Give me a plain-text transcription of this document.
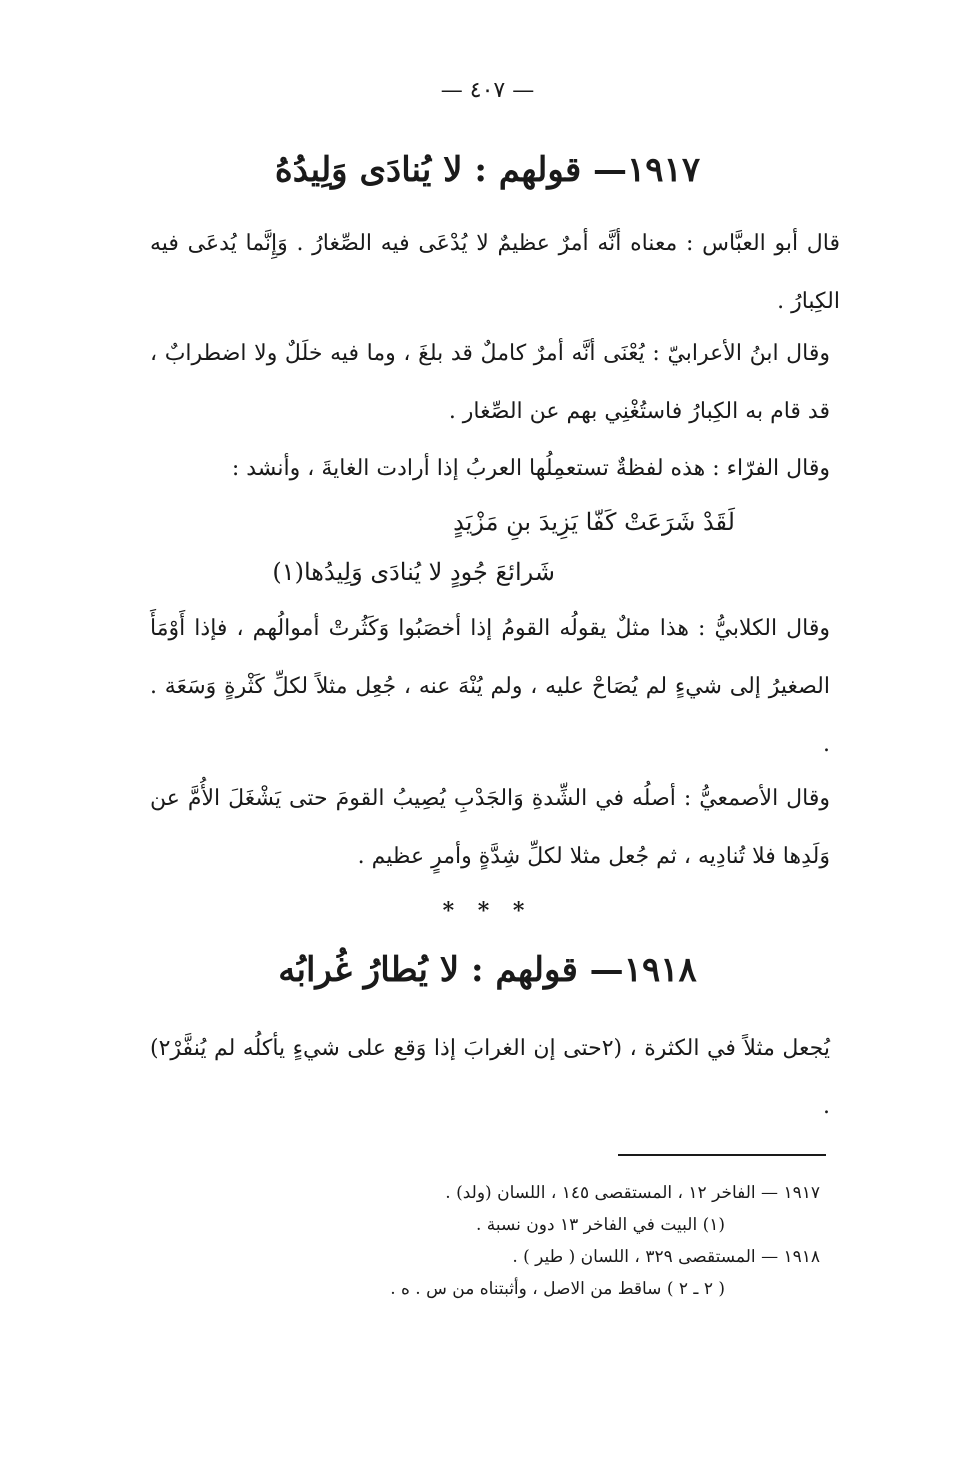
— ٤٠٧ —
١٩١٧— قولهم : لا يُنادَى وَلِيدُهُ
قال أبو العبَّاس : معناه أنَّه أمرٌ عظيمٌ لا يُدْعَى فيه الصِّغارُ . وَإِنَّما يُدعَى فيه الكِبارُ .
وقال ابنُ الأعرابيّ : يُعْنَى أنَّه أمرٌ كاملٌ قد بلغَ ، وما فيه خلَلٌ ولا اضطرابٌ ، قد قام به الكِبارُ فاستُغْنِي بهم عن الصِّغار .
وقال الفرّاء : هذه لفظةٌ تستعمِلُها العربُ إذا أرادت الغايةَ ، وأنشد :
لَقَدْ شَرَعَتْ كَفّا يَزِيدَ بنِ مَزْيَدٍ
شَرائعَ جُودٍ لا يُنادَى وَلِيدُها(١)
وقال الكلابيُّ : هذا مثلٌ يقولُه القومُ إذا أخصَبُوا وَكَثُرتْ أموالُهم ، فإذا أَوْمَأَ الصغيرُ إلى شيءٍ لم يُصَاحْ عليه ، ولم يُنْهَ عنه ، جُعِل مثلاً لكلِّ كَثْرةٍ وَسَعَة . .
وقال الأصمعيُّ : أصلُه في الشِّدةِ وَالجَدْبِ يُصِيبُ القومَ حتى يَشْغَلَ الأُمَّ عن وَلَدِها فلا تُنادِيه ، ثم جُعل مثلا لكلِّ شِدَّةٍ وأمرٍ عظيم .
* * *
١٩١٨— قولهم : لا يُطارُ غُرابُه
يُجعل مثلاً في الكثرة ، (٢حتى إن الغرابَ إذا وَقع على شيءٍ يأكلُه لم يُنفَّرْ٢) .
١٩١٧ — الفاخر ١٢ ، المستقصى ١٤٥ ، اللسان (ولد) .
(١) البيت في الفاخر ١٣ دون نسبة .
١٩١٨ — المستقصى ٣٢٩ ، اللسان ( طير ) .
( ٢ ـ ٢ ) ساقط من الاصل ، وأثبتناه من س . ه .
